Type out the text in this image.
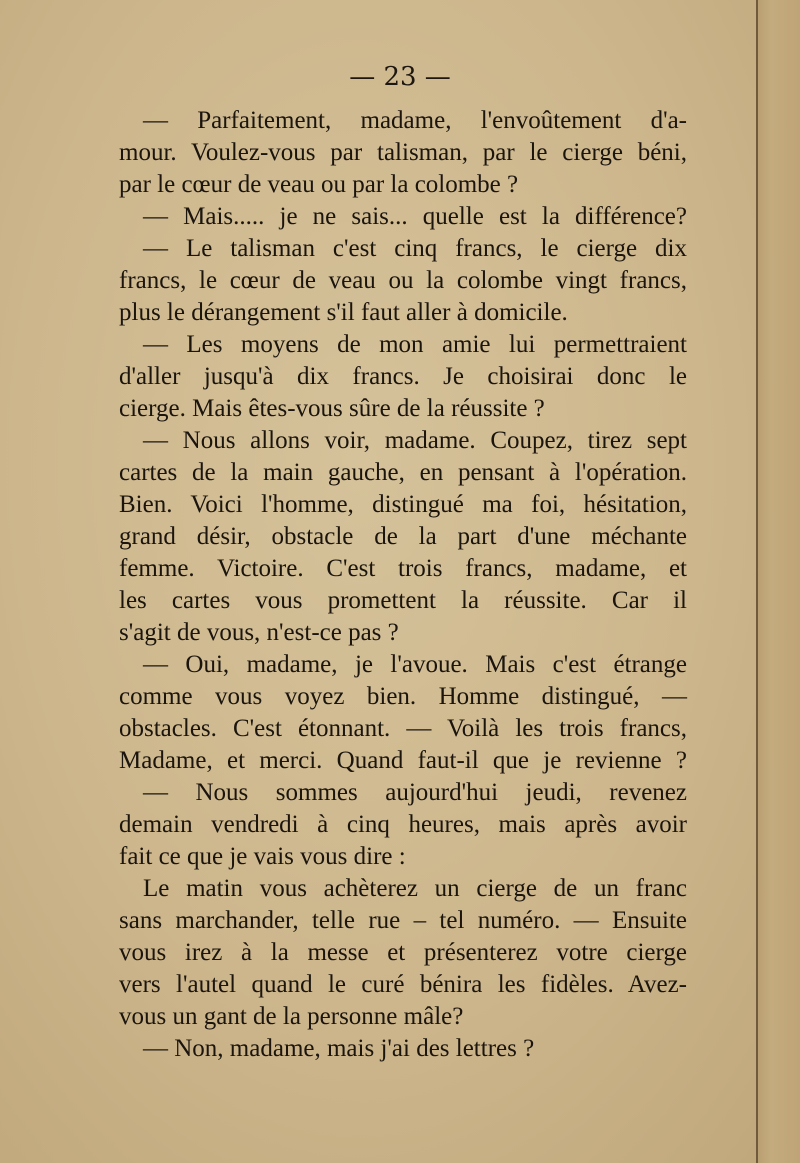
— 23 —
— Parfaitement, madame, l'envoûtement d'a-
mour. Voulez-vous par talisman, par le cierge béni,
par le cœur de veau ou par la colombe ?
— Mais..... je ne sais... quelle est la différence?
— Le talisman c'est cinq francs, le cierge dix
francs, le cœur de veau ou la colombe vingt francs,
plus le dérangement s'il faut aller à domicile.
— Les moyens de mon amie lui permettraient
d'aller jusqu'à dix francs. Je choisirai donc le
cierge. Mais êtes-vous sûre de la réussite ?
— Nous allons voir, madame. Coupez, tirez sept
cartes de la main gauche, en pensant à l'opération.
Bien. Voici l'homme, distingué ma foi, hésitation,
grand désir, obstacle de la part d'une méchante
femme. Victoire. C'est trois francs, madame, et
les cartes vous promettent la réussite. Car il
s'agit de vous, n'est-ce pas ?
— Oui, madame, je l'avoue. Mais c'est étrange
comme vous voyez bien. Homme distingué, —
obstacles. C'est étonnant. — Voilà les trois francs,
Madame, et merci. Quand faut-il que je revienne ?
— Nous sommes aujourd'hui jeudi, revenez
demain vendredi à cinq heures, mais après avoir
fait ce que je vais vous dire :
Le matin vous achèterez un cierge de un franc
sans marchander, telle rue – tel numéro. — Ensuite
vous irez à la messe et présenterez votre cierge
vers l'autel quand le curé bénira les fidèles. Avez-
vous un gant de la personne mâle?
— Non, madame, mais j'ai des lettres ?
